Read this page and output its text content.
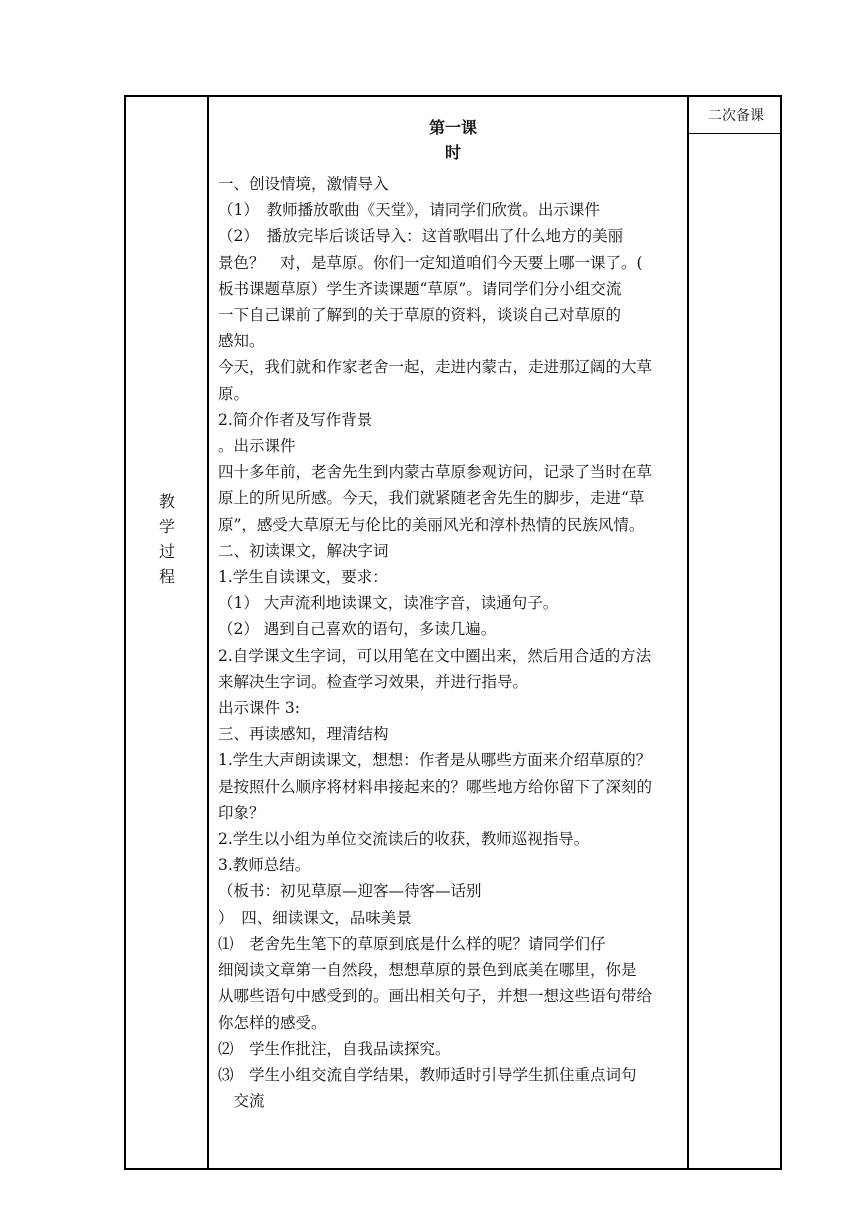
教
学
过
程
二次备课
第一课
时
一、创设情境，激情导入
（1）　教师播放歌曲《天堂》，请同学们欣赏。出示课件
（2）　播放完毕后谈话导入：这首歌唱出了什么地方的美丽
景色？　对，是草原。你们一定知道咱们今天要上哪一课了。(
板书课题草原）学生齐读课题“草原”。请同学们分小组交流
一下自己课前了解到的关于草原的资料，谈谈自己对草原的
感知。
今天，我们就和作家老舍一起，走进内蒙古，走进那辽阔的大草
原。
2.简介作者及写作背景
。出示课件
四十多年前，老舍先生到内蒙古草原参观访问，记录了当时在草
原上的所见所感。今天，我们就紧随老舍先生的脚步，走进“草
原”，感受大草原无与伦比的美丽风光和淳朴热情的民族风情。
二、初读课文，解决字词
1.学生自读课文，要求：
（1） 大声流利地读课文，读准字音，读通句子。
（2） 遇到自己喜欢的语句，多读几遍。
2.自学课文生字词，可以用笔在文中圈出来，然后用合适的方法
来解决生字词。检查学习效果，并进行指导。
出示课件 3:
三、再读感知，理清结构
1.学生大声朗读课文，想想：作者是从哪些方面来介绍草原的？
是按照什么顺序将材料串接起来的？哪些地方给你留下了深刻的
印象？
2.学生以小组为单位交流读后的收获，教师巡视指导。
3.教师总结。
（板书：初见草原—迎客—待客—话别
）　四、细读课文，品味美景
⑴　老舍先生笔下的草原到底是什么样的呢？请同学们仔
细阅读文章第一自然段，想想草原的景色到底美在哪里，你是
从哪些语句中感受到的。画出相关句子，并想一想这些语句带给
你怎样的感受。
⑵　学生作批注，自我品读探究。
⑶　学生小组交流自学结果，教师适时引导学生抓住重点词句
　交流
